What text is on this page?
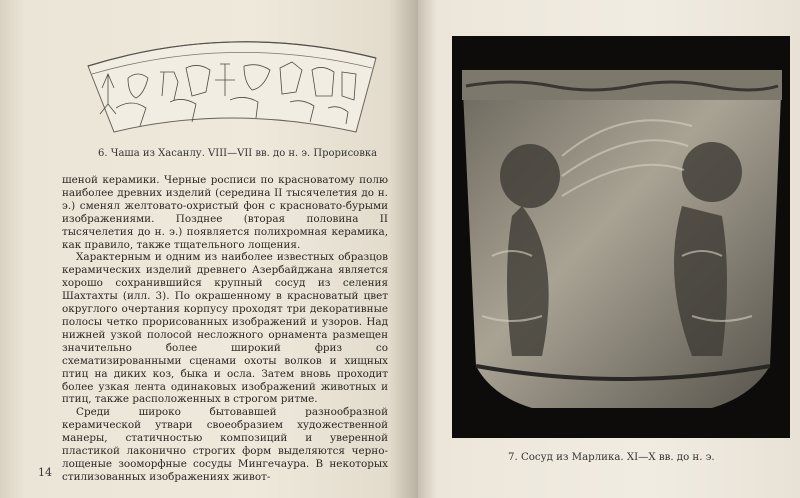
6. Чаша из Хасанлу. VIII—VII вв. до н. э. Прорисовка

шеной керамики. Черные росписи по красноватому полю наиболее древних изделий (середина II тысячелетия до н. э.) сменял желтовато-охристый фон с красновато-бурыми изображениями. Позднее (вторая половина II тысячелетия до н. э.) появляется полихромная керамика, как правило, также тщательного лощения.

Характерным и одним из наиболее известных образцов керамических изделий древнего Азербайджана является хорошо сохранившийся крупный сосуд из селения Шахтахты (илл. 3). По окрашенному в красноватый цвет округлого очертания корпусу проходят три декоративные полосы четко прорисованных изображений и узоров. Над нижней узкой полосой несложного орнамента размещен значительно более широкий фриз со схематизированными сценами охоты волков и хищных птиц на диких коз, быка и осла. Затем вновь проходит более узкая лента одинаковых изображений животных и птиц, также расположенных в строгом ритме.

Среди широко бытовавшей разнообразной керамической утвари своеобразием художественной манеры, статичностью композиций и уверенной пластикой лаконично строгих форм выделяются черно-лощеные зооморфные сосуды Мингечаура. В некоторых стилизованных изображениях живот-

14
7. Сосуд из Марлика. XI—X вв. до н. э.
